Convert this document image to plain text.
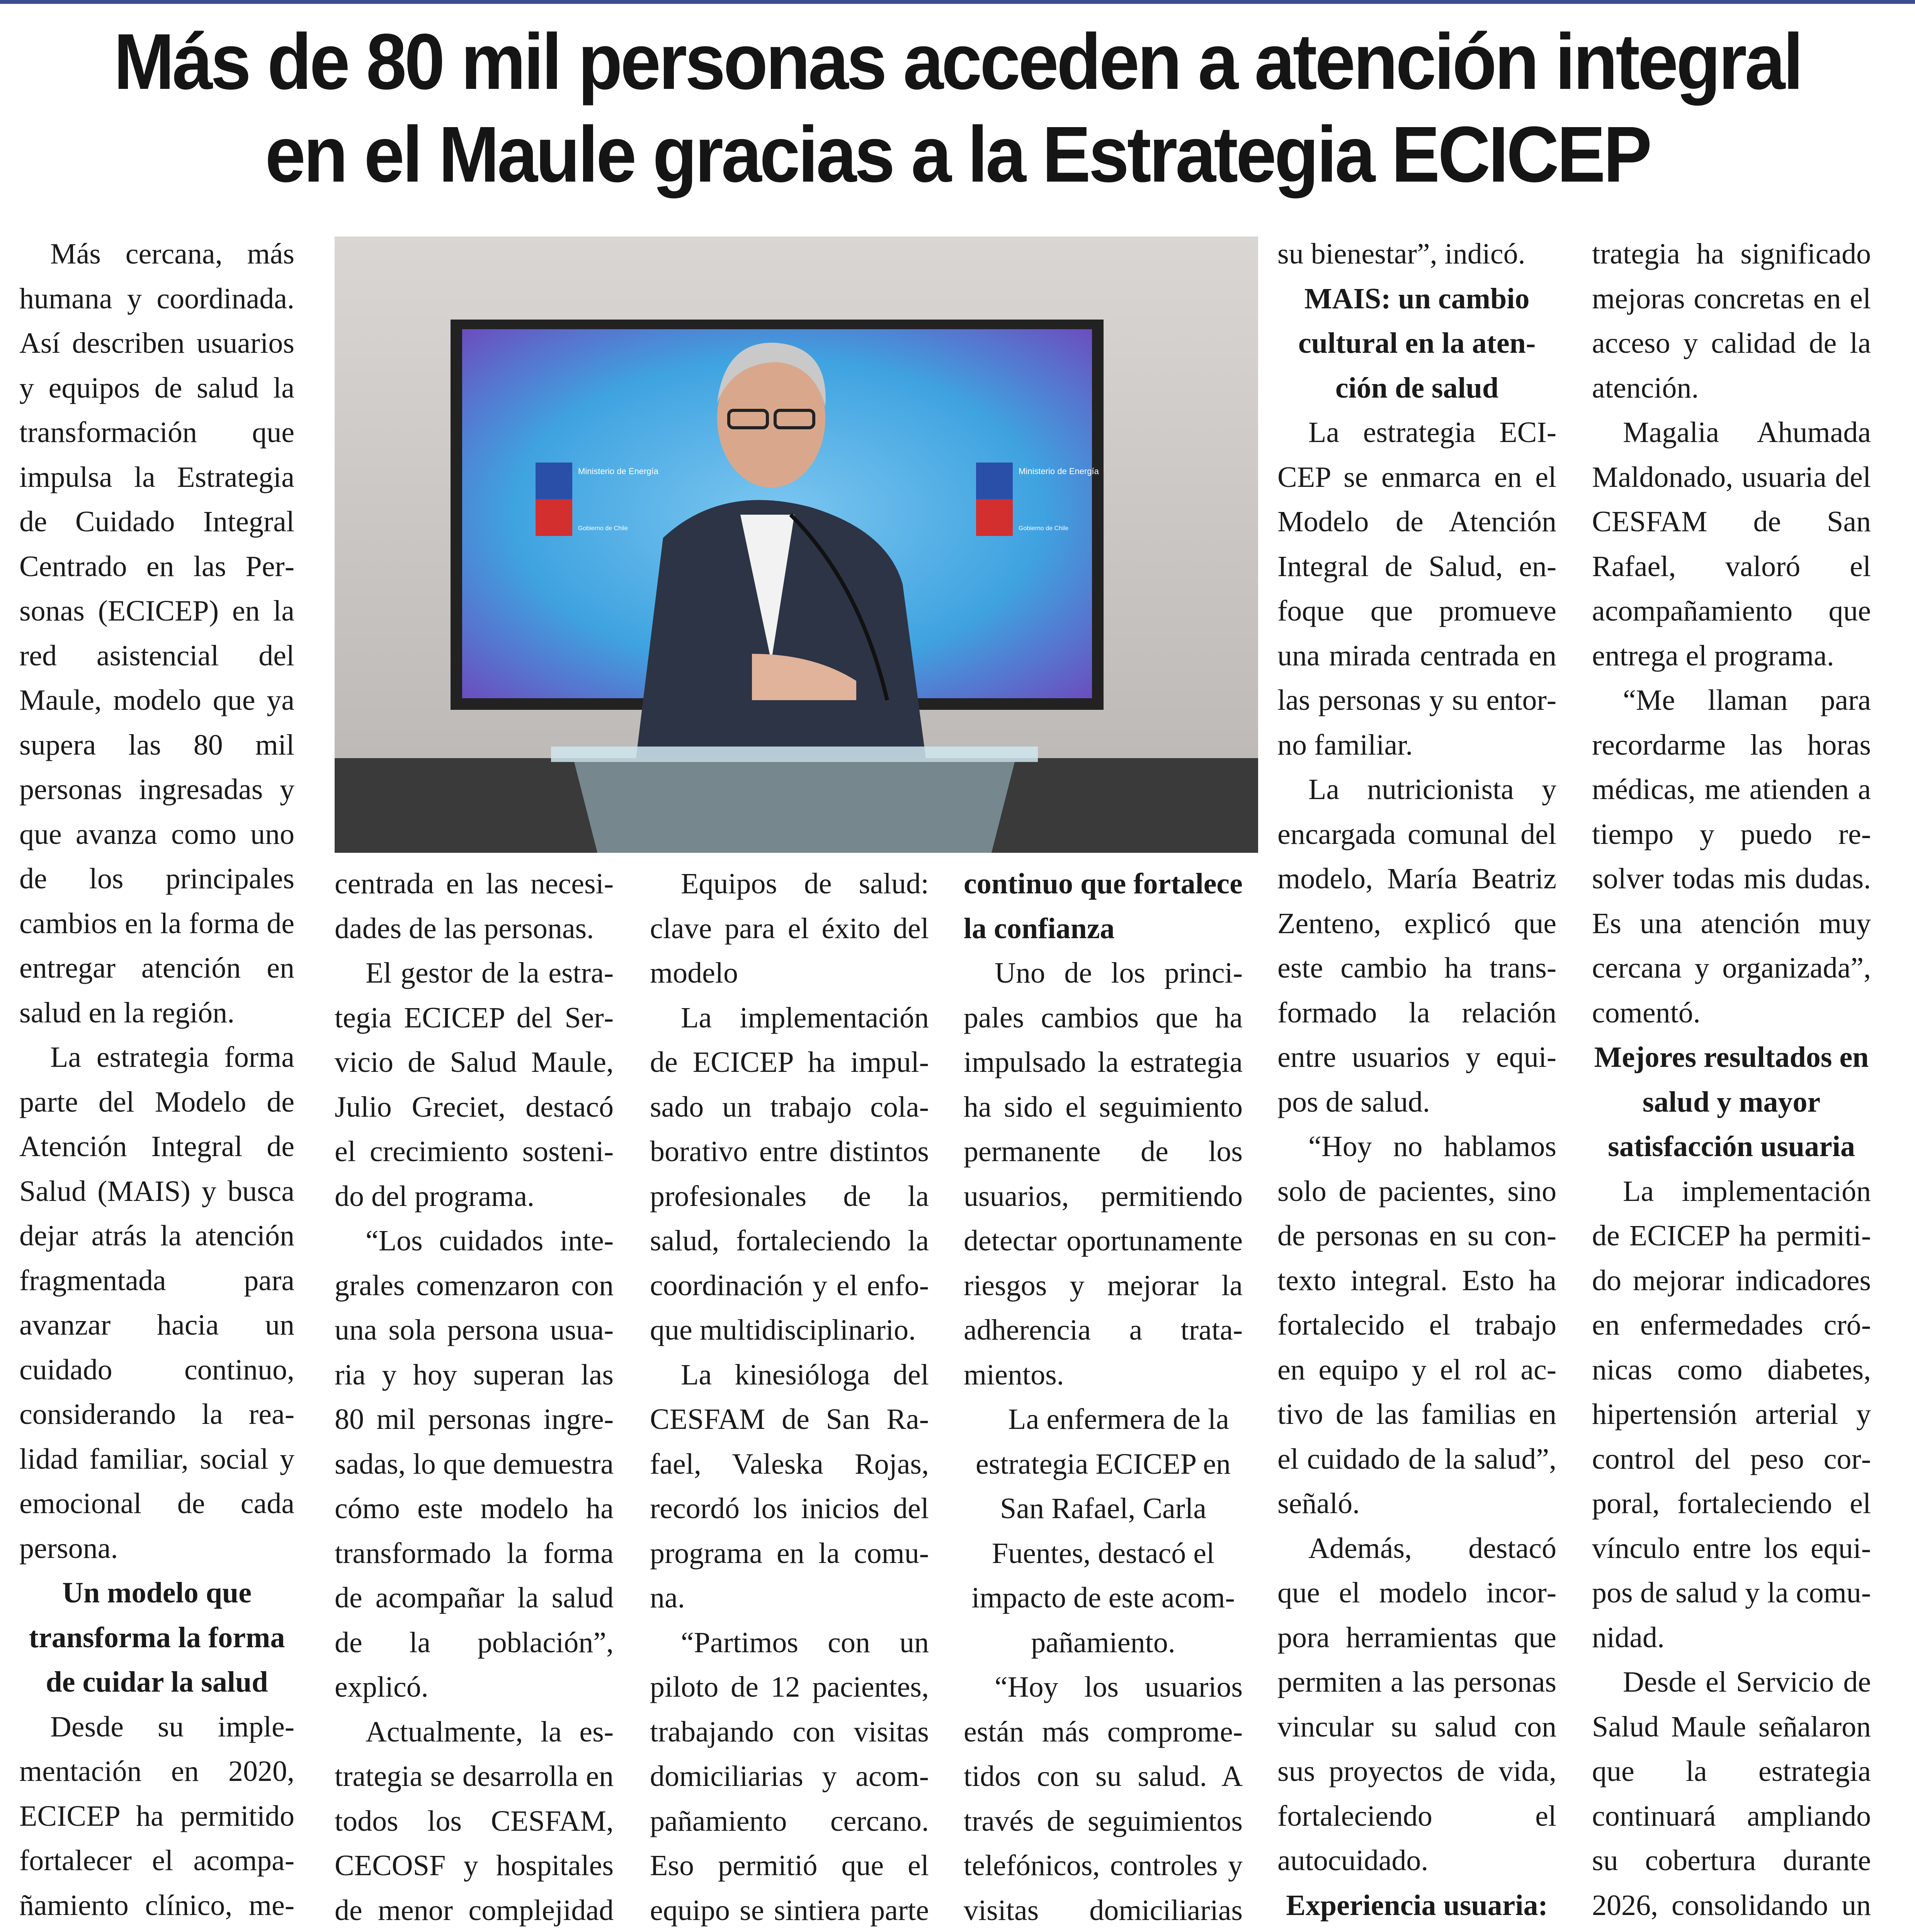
Más de 80 mil personas acceden a atención integral
en el Maule gracias a la Estrategia ECICEP

Más cercana, más humana y coordinada. Así describen usuarios y equipos de salud la transformación que impulsa la Estrategia de Cuidado Integral Centrado en las Personas (ECICEP) en la red asistencial del Maule, modelo que ya supera las 80 mil personas ingresadas y que avanza como uno de los principales cambios en la forma de entregar atención en salud en la región.

La estrategia forma parte del Modelo de Atención Integral de Salud (MAIS) y busca dejar atrás la atención fragmentada para avanzar hacia un cuidado continuo, considerando la realidad familiar, social y emocional de cada persona.

Un modelo que transforma la forma de cuidar la salud

Desde su implementación en 2020, ECICEP ha permitido fortalecer el acompañamiento clínico, me

Ministerio de Energía
Gobierno de Chile
Ministerio de Energía
Gobierno de Chile

centrada en las necesidades de las personas.

El gestor de la estrategia ECICEP del Servicio de Salud Maule, Julio Greciet, destacó el crecimiento sostenido del programa.

“Los cuidados integrales comenzaron con una sola persona usuaria y hoy superan las 80 mil personas ingresadas, lo que demuestra cómo este modelo ha transformado la forma de acompañar la salud de la población”, explicó.

Actualmente, la estrategia se desarrolla en todos los CESFAM, CECOSF y hospitales de menor complejidad

Equipos de salud: clave para el éxito del modelo

La implementación de ECICEP ha impulsado un trabajo colaborativo entre distintos profesionales de la salud, fortaleciendo la coordinación y el enfoque multidisciplinario.

La kinesióloga del CESFAM de San Rafael, Valeska Rojas, recordó los inicios del programa en la comuna.

“Partimos con un piloto de 12 pacientes, trabajando con visitas domiciliarias y acompañamiento cercano. Eso permitió que el equipo se sintiera parte

continuo que fortalece la confianza

Uno de los principales cambios que ha impulsado la estrategia ha sido el seguimiento permanente de los usuarios, permitiendo detectar oportunamente riesgos y mejorar la adherencia a tratamientos.

La enfermera de la estrategia ECICEP en San Rafael, Carla Fuentes, destacó el impacto de este acompañamiento.

“Hoy los usuarios están más comprometidos con su salud. A través de seguimientos telefónicos, controles y visitas domiciliarias

su bienestar”, indicó.

MAIS: un cambio cultural en la atención de salud

La estrategia ECICEP se enmarca en el Modelo de Atención Integral de Salud, enfoque que promueve una mirada centrada en las personas y su entorno familiar.

La nutricionista y encargada comunal del modelo, María Beatriz Zenteno, explicó que este cambio ha transformado la relación entre usuarios y equipos de salud.

“Hoy no hablamos solo de pacientes, sino de personas en su contexto integral. Esto ha fortalecido el trabajo en equipo y el rol activo de las familias en el cuidado de la salud”, señaló.

Además, destacó que el modelo incorpora herramientas que permiten a las personas vincular su salud con sus proyectos de vida, fortaleciendo el autocuidado.

Experiencia usuaria:

trategia ha significado mejoras concretas en el acceso y calidad de la atención.

Magalia Ahumada Maldonado, usuaria del CESFAM de San Rafael, valoró el acompañamiento que entrega el programa.

“Me llaman para recordarme las horas médicas, me atienden a tiempo y puedo resolver todas mis dudas. Es una atención muy cercana y organizada”, comentó.

Mejores resultados en salud y mayor satisfacción usuaria

La implementación de ECICEP ha permitido mejorar indicadores en enfermedades crónicas como diabetes, hipertensión arterial y control del peso corporal, fortaleciendo el vínculo entre los equipos de salud y la comunidad.

Desde el Servicio de Salud Maule señalaron que la estrategia continuará ampliando su cobertura durante 2026, consolidando un
